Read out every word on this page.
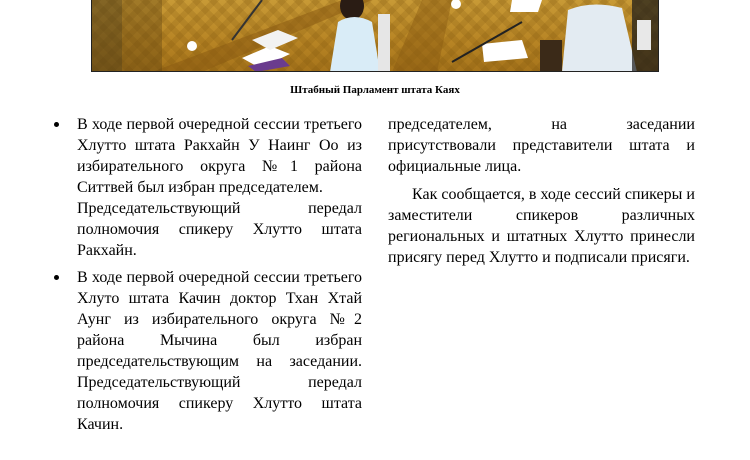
Штабный Парламент штата Каях

В ходе первой очередной сессии третьего Хлутто штата Ракхайн У Наинг Оо из избирательного округа №1 района Ситтвей был избран председателем.

Председательствующий передал полномочия спикеру Хлутто штата Ракхайн.

В ходе первой очередной сессии третьего Хлуто штата Качин доктор Тхан Хтай Аунг из избирательного округа №2 района Мычина был избран председательствующим на заседании. Председательствующий передал полномочия спикеру Хлутто штата Качин.

председателем, на заседании присутствовали представители штата и официальные лица.

Как сообщается, в ходе сессий спикеры и заместители спикеров различных региональных и штатных Хлутто принесли присягу перед Хлутто и подписали присяги.
